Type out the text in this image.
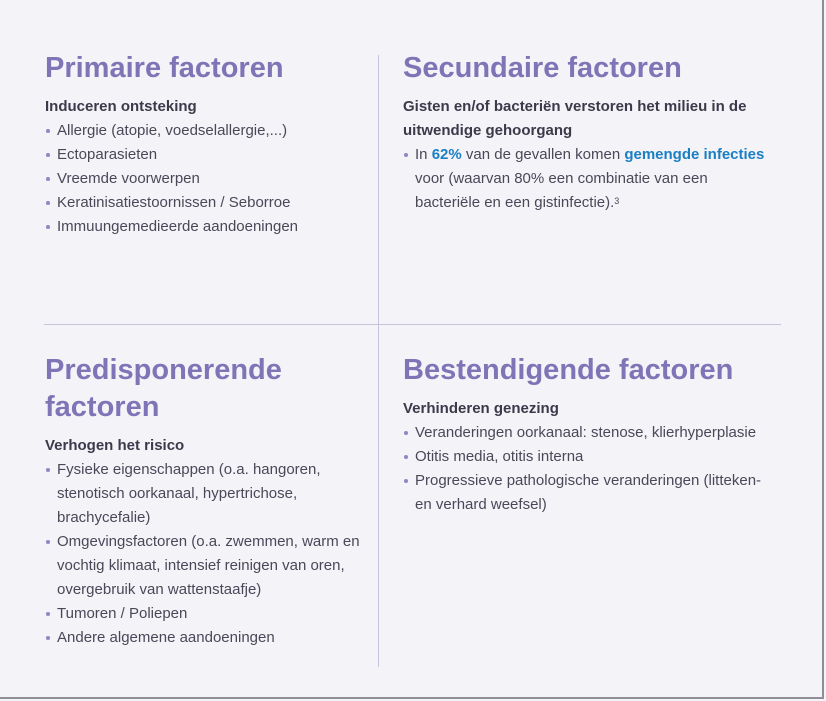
Primaire factoren

Induceren ontsteking

Allergie (atopie, voedselallergie,...)
Ectoparasieten
Vreemde voorwerpen
Keratinisatiestoornissen / Seborroe
Immuungemedieerde aandoeningen
Secundaire factoren

Gisten en/of bacteriën verstoren het milieu in de uitwendige gehoorgang

In 62% van de gevallen komen gemengde infecties voor (waarvan 80% een combinatie van een bacteriële en een gistinfectie).$^3$
Predisponerende factoren

Verhogen het risico

Fysieke eigenschappen (o.a. hangoren, stenotisch oorkanaal, hypertrichose, brachycefalie)
Omgevingsfactoren (o.a. zwemmen, warm en vochtig klimaat, intensief reinigen van oren, overgebruik van wattenstaafje)
Tumoren / Poliepen
Andere algemene aandoeningen
Bestendigende factoren

Verhinderen genezing

Veranderingen oorkanaal: stenose, klierhyperplasie
Otitis media, otitis interna
Progressieve pathologische veranderingen (litteken- en verhard weefsel)
